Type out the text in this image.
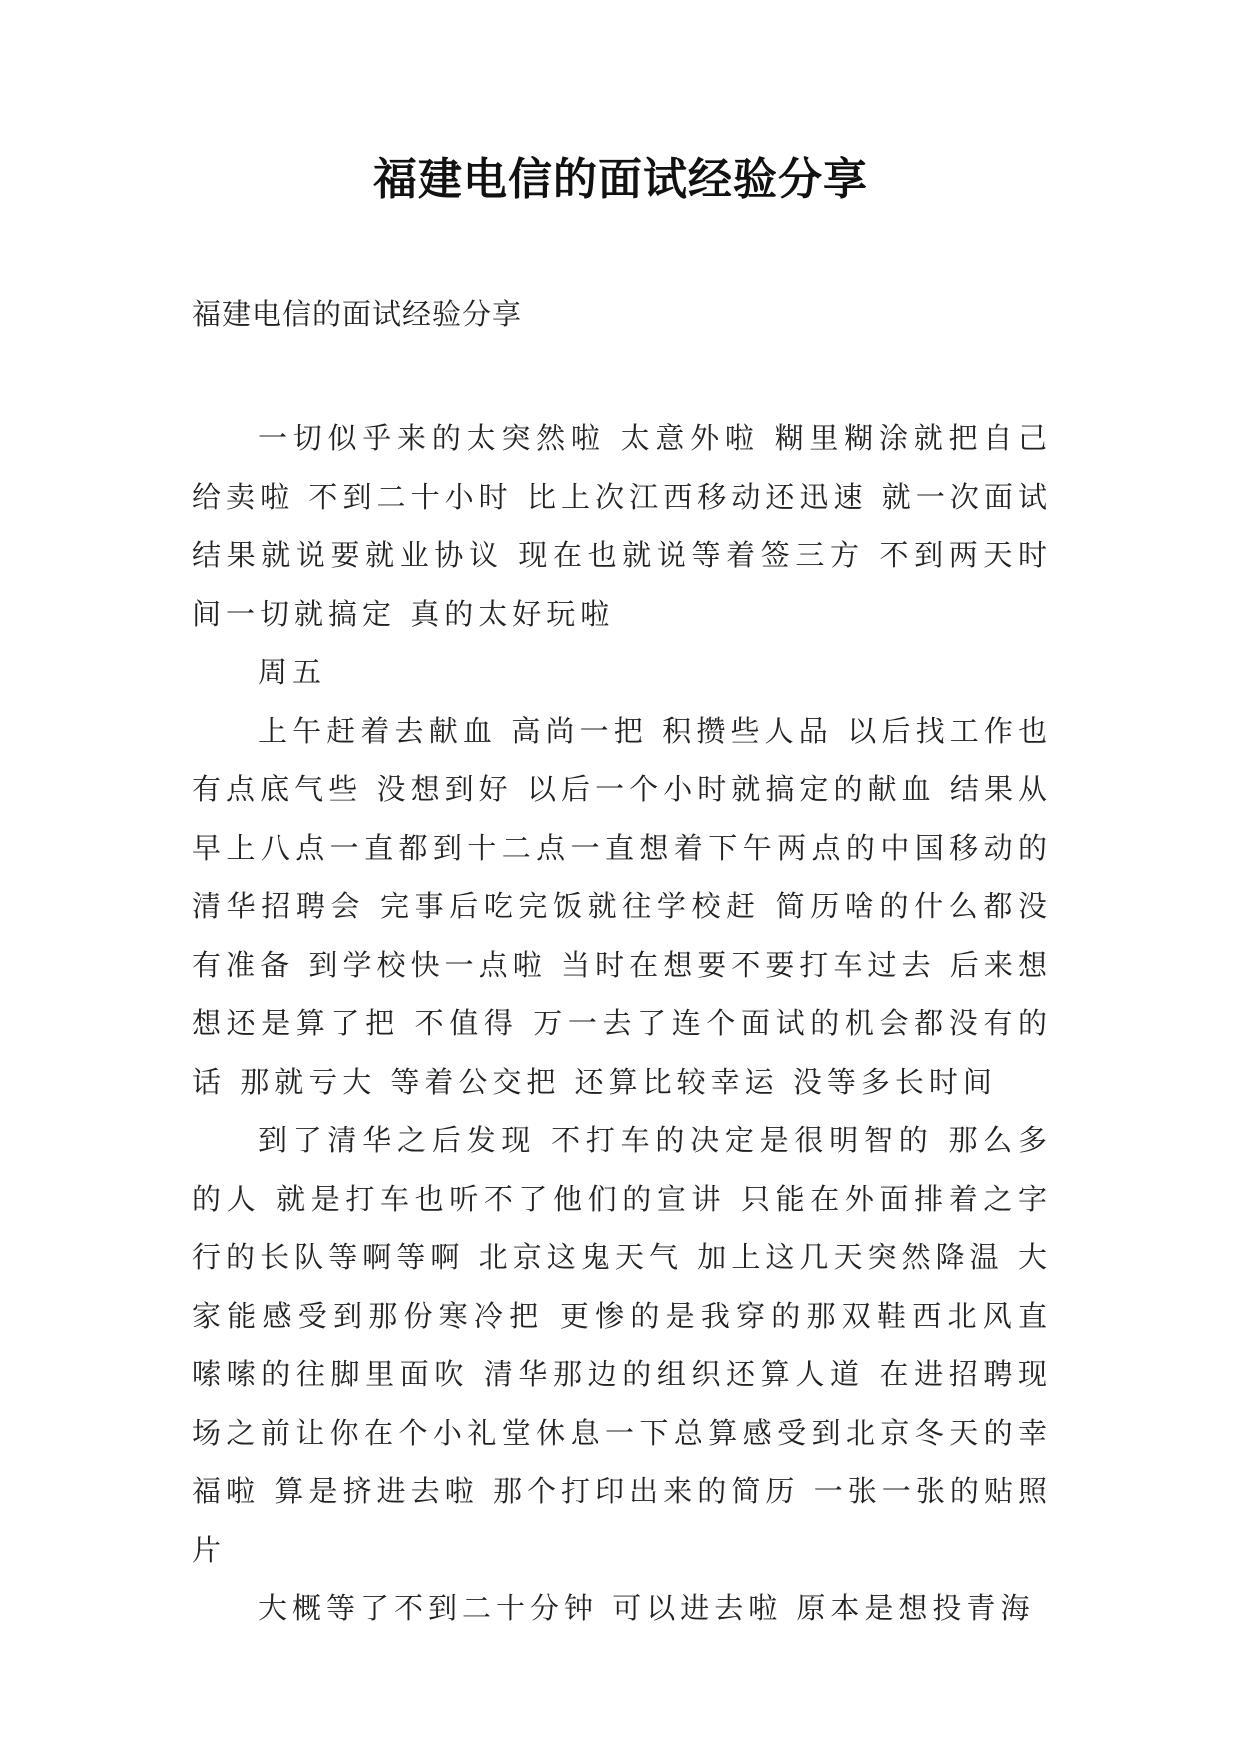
福建电信的面试经验分享
福建电信的面试经验分享

一切似乎来的太突然啦 太意外啦 糊里糊涂就把自己给卖啦 不到二十小时 比上次江西移动还迅速 就一次面试结果就说要就业协议 现在也就说等着签三方 不到两天时间一切就搞定 真的太好玩啦

周五

上午赶着去献血 高尚一把 积攒些人品 以后找工作也有点底气些 没想到好 以后一个小时就搞定的献血 结果从早上八点一直都到十二点一直想着下午两点的中国移动的清华招聘会 完事后吃完饭就往学校赶 简历啥的什么都没有准备 到学校快一点啦 当时在想要不要打车过去 后来想想还是算了把 不值得 万一去了连个面试的机会都没有的话 那就亏大 等着公交把 还算比较幸运 没等多长时间

到了清华之后发现 不打车的决定是很明智的 那么多的人 就是打车也听不了他们的宣讲 只能在外面排着之字行的长队等啊等啊 北京这鬼天气 加上这几天突然降温 大家能感受到那份寒冷把 更惨的是我穿的那双鞋西北风直嗦嗦的往脚里面吹 清华那边的组织还算人道 在进招聘现场之前让你在个小礼堂休息一下总算感受到北京冬天的幸福啦 算是挤进去啦 那个打印出来的简历 一张一张的贴照片

大概等了不到二十分钟 可以进去啦 原本是想投青海
